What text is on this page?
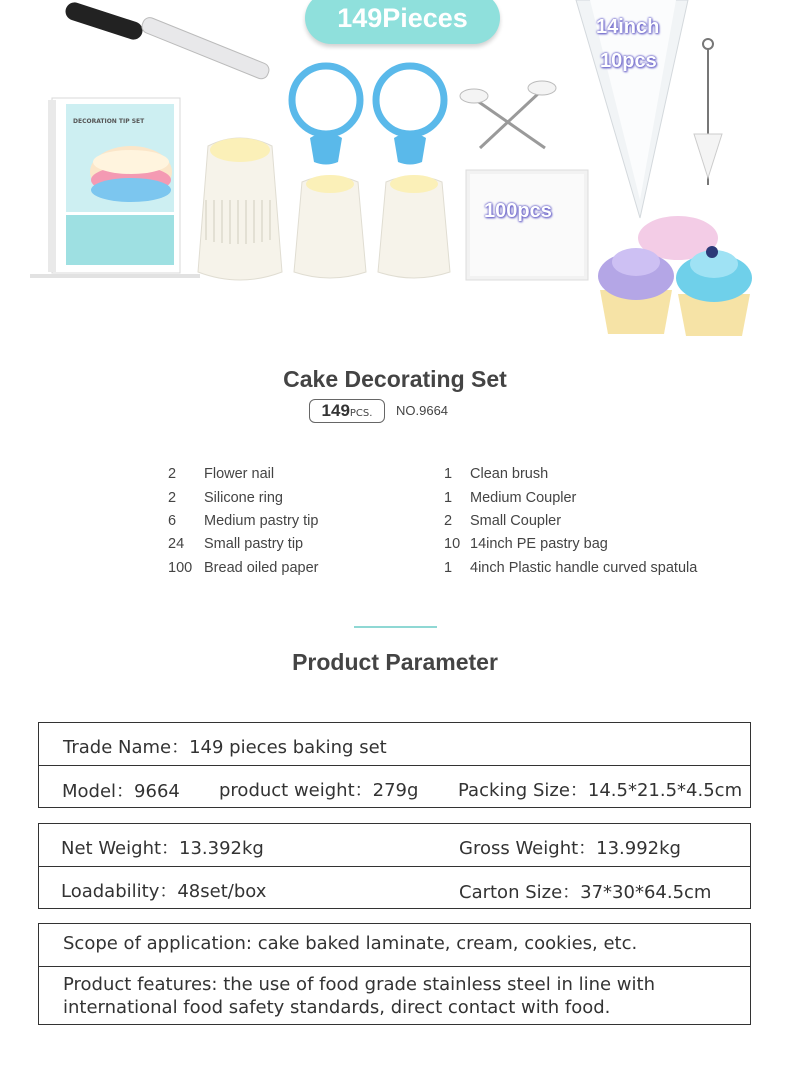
149Pieces	14inch
10pcs
100pcs
DECORATION TIP SET
Cake Decorating Set
149PCS.	NO.9664
2	Flower nail
2	Silicone ring
6	Medium pastry tip
24	Small pastry tip
100 Bread oiled paper
1	Clean brush
1	Medium Coupler
2	Small Coupler
10 14inch PE pastry bag
1	4inch Plastic handle curved spatula
Product Parameter
Trade Name：149 pieces baking set
Model：9664 product weight：279g Packing Size：14.5*21.5*4.5cm
Net Weight：13.392kg	Gross Weight：13.992kg
Loadability：48set/box	Carton Size：37*30*64.5cm
Scope of application: cake baked laminate, cream, cookies, etc.
Product features: the use of food grade stainless steel in line with international food safety standards, direct contact with food.
